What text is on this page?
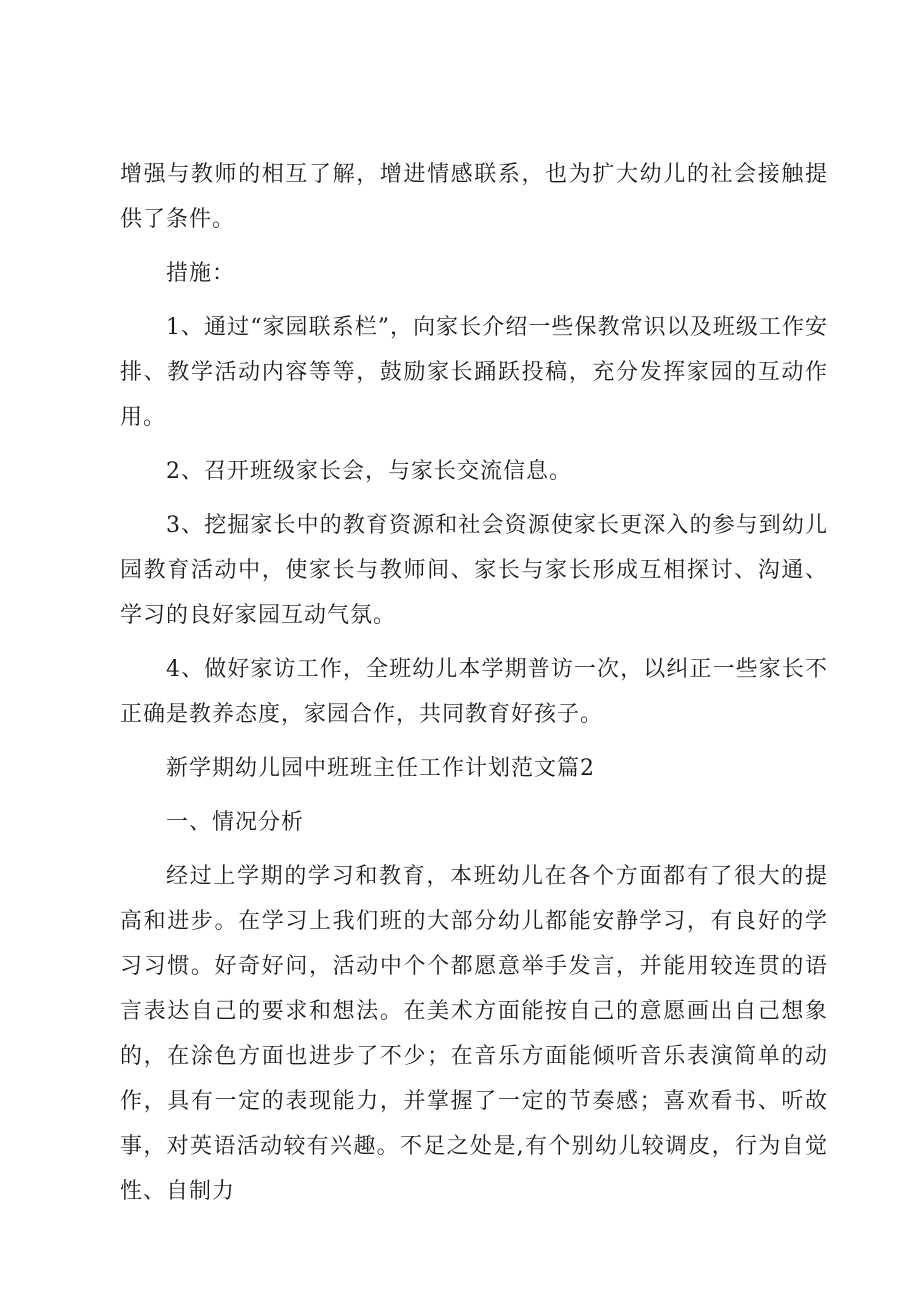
增强与教师的相互了解，增进情感联系，也为扩大幼儿的社会接触提供了条件。

措施：

1、通过“家园联系栏”，向家长介绍一些保教常识以及班级工作安排、教学活动内容等等，鼓励家长踊跃投稿，充分发挥家园的互动作用。

2、召开班级家长会，与家长交流信息。

3、挖掘家长中的教育资源和社会资源使家长更深入的参与到幼儿园教育活动中，使家长与教师间、家长与家长形成互相探讨、沟通、学习的良好家园互动气氛。

4、做好家访工作，全班幼儿本学期普访一次，以纠正一些家长不正确是教养态度，家园合作，共同教育好孩子。

新学期幼儿园中班班主任工作计划范文篇2

一、情况分析

经过上学期的学习和教育，本班幼儿在各个方面都有了很大的提高和进步。在学习上我们班的大部分幼儿都能安静学习，有良好的学习习惯。好奇好问，活动中个个都愿意举手发言，并能用较连贯的语言表达自己的要求和想法。在美术方面能按自己的意愿画出自己想象的，在涂色方面也进步了不少；在音乐方面能倾听音乐表演简单的动作，具有一定的表现能力，并掌握了一定的节奏感；喜欢看书、听故事，对英语活动较有兴趣。不足之处是,有个别幼儿较调皮，行为自觉性、自制力
